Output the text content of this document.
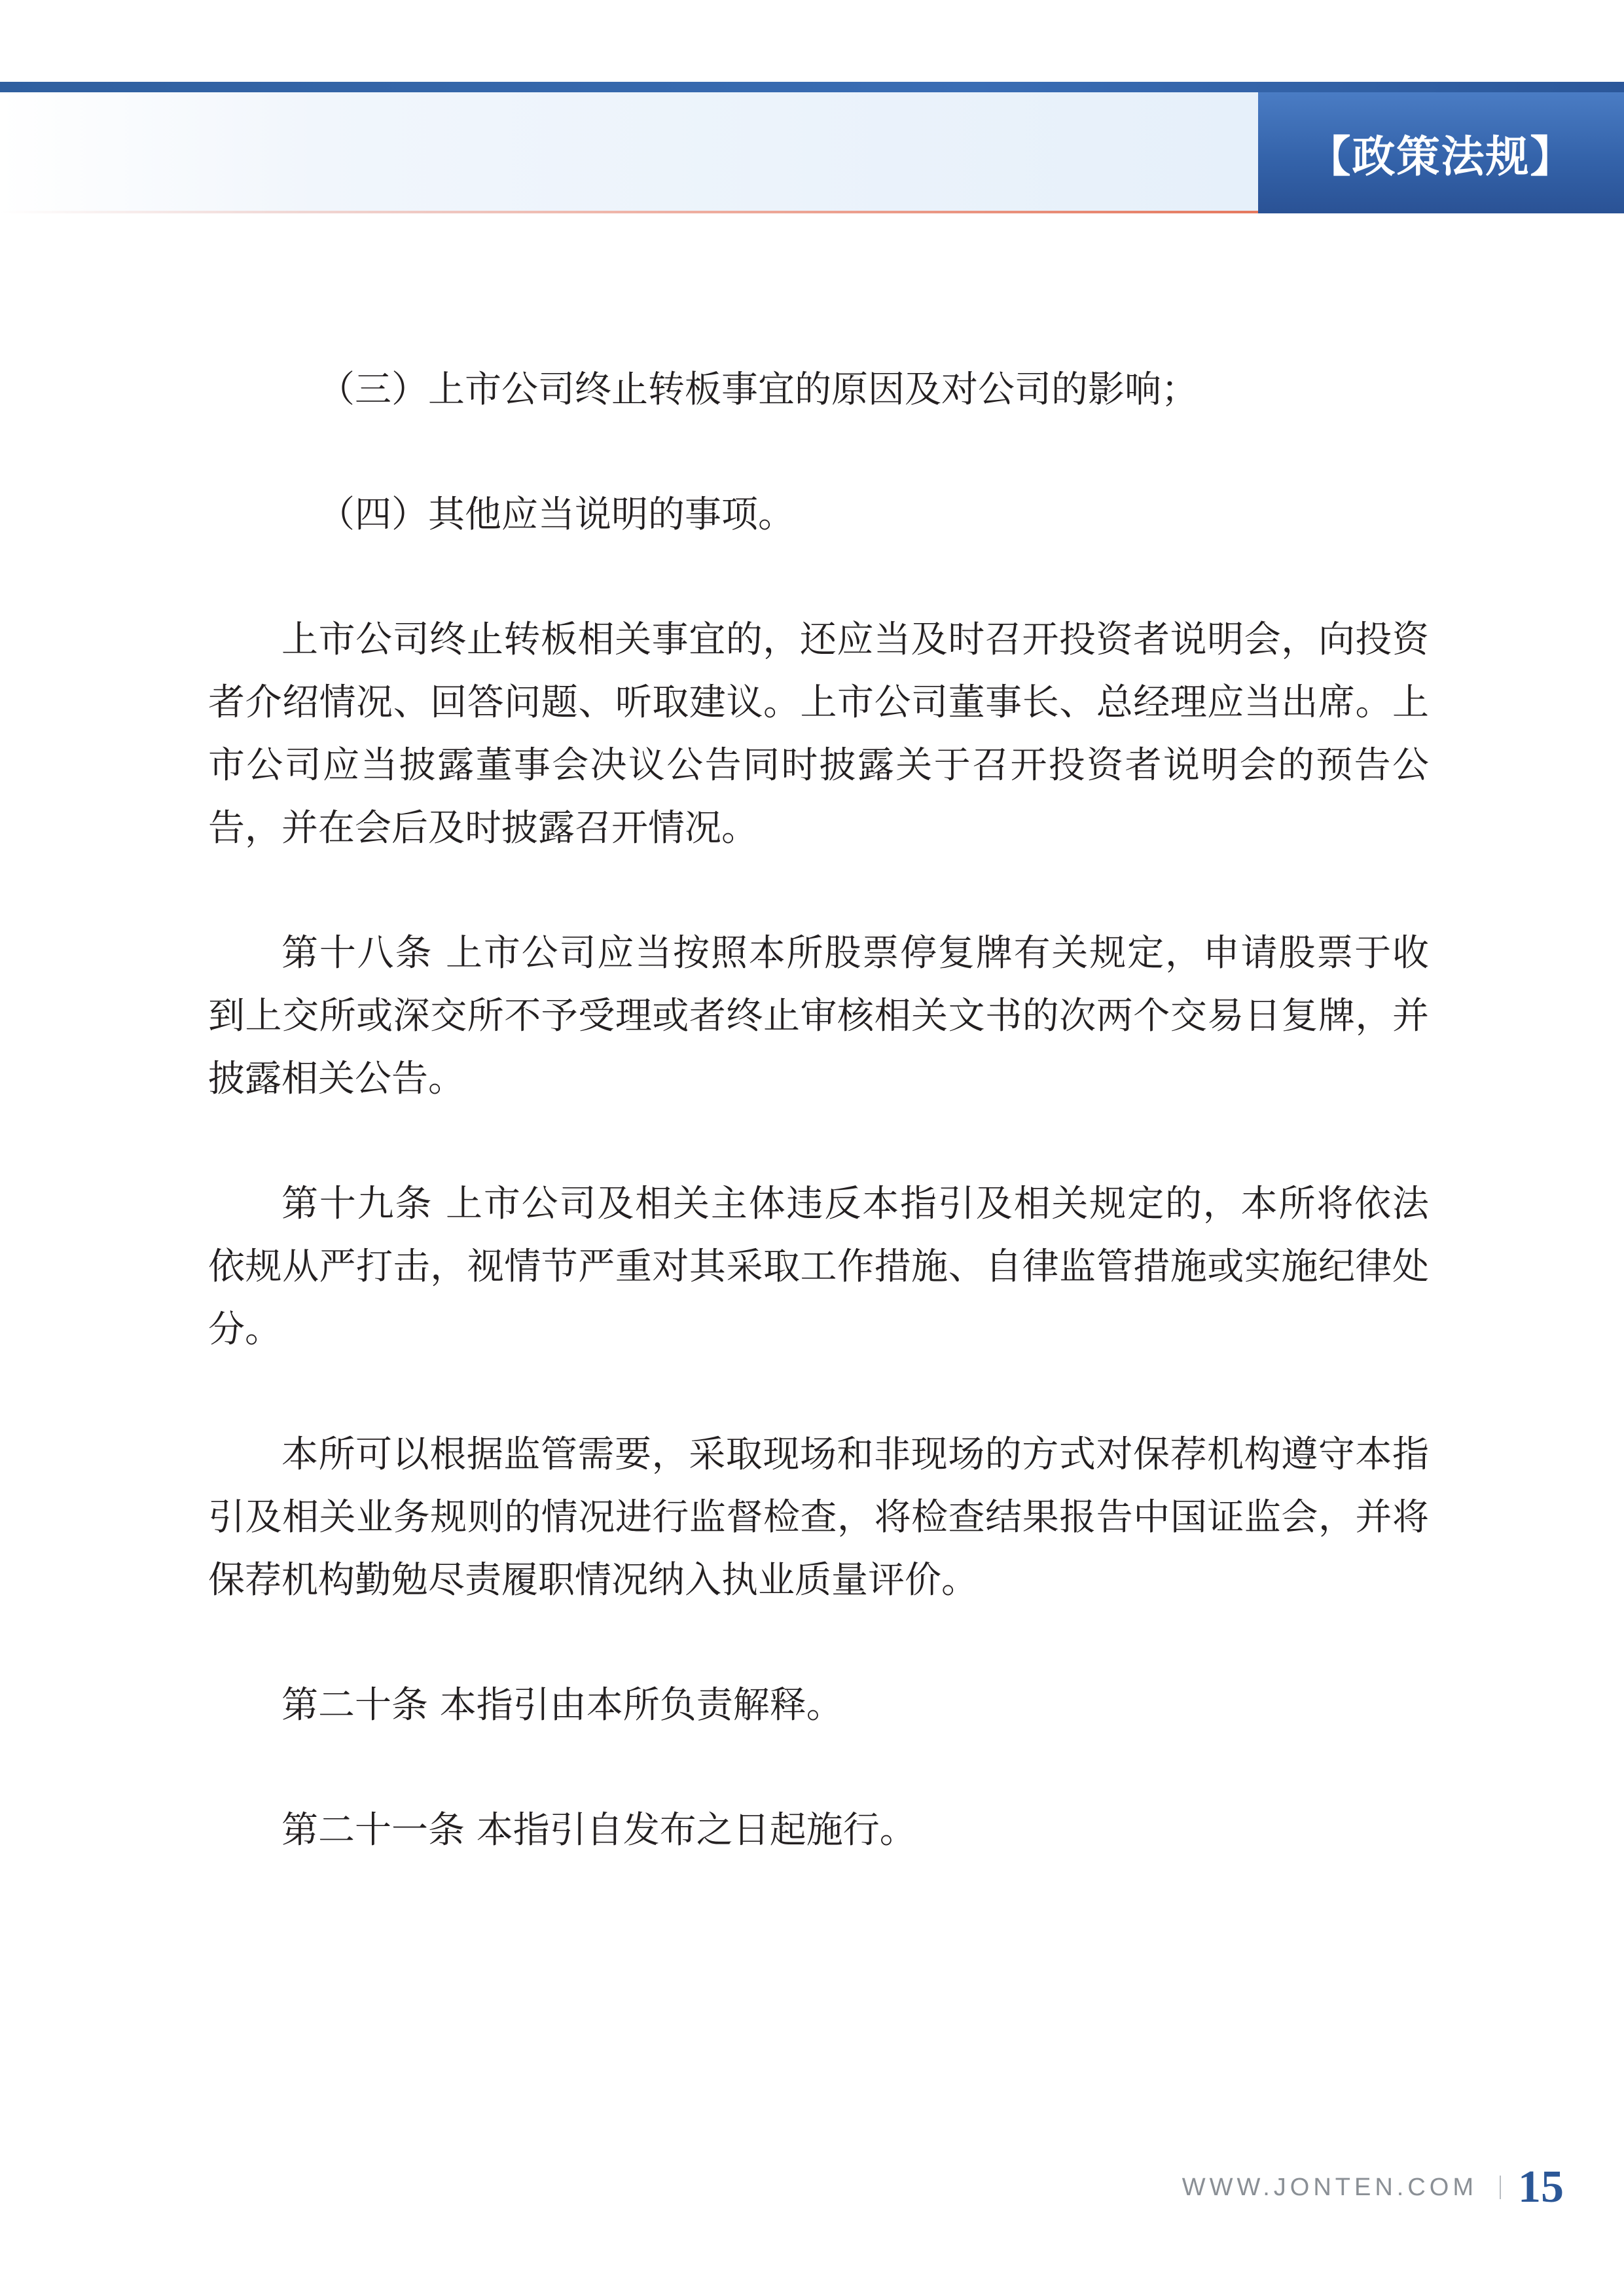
【政策法规】

（三）上市公司终止转板事宜的原因及对公司的影响；

（四）其他应当说明的事项。

上市公司终止转板相关事宜的，还应当及时召开投资者说明会，向投资者介绍情况、回答问题、听取建议。上市公司董事长、总经理应当出席。上市公司应当披露董事会决议公告同时披露关于召开投资者说明会的预告公告，并在会后及时披露召开情况。

第十八条 上市公司应当按照本所股票停复牌有关规定，申请股票于收到上交所或深交所不予受理或者终止审核相关文书的次两个交易日复牌，并披露相关公告。

第十九条 上市公司及相关主体违反本指引及相关规定的，本所将依法依规从严打击，视情节严重对其采取工作措施、自律监管措施或实施纪律处分。

本所可以根据监管需要，采取现场和非现场的方式对保荐机构遵守本指引及相关业务规则的情况进行监督检查，将检查结果报告中国证监会，并将保荐机构勤勉尽责履职情况纳入执业质量评价。

第二十条 本指引由本所负责解释。

第二十一条 本指引自发布之日起施行。

WWW.JONTEN.COM 15
